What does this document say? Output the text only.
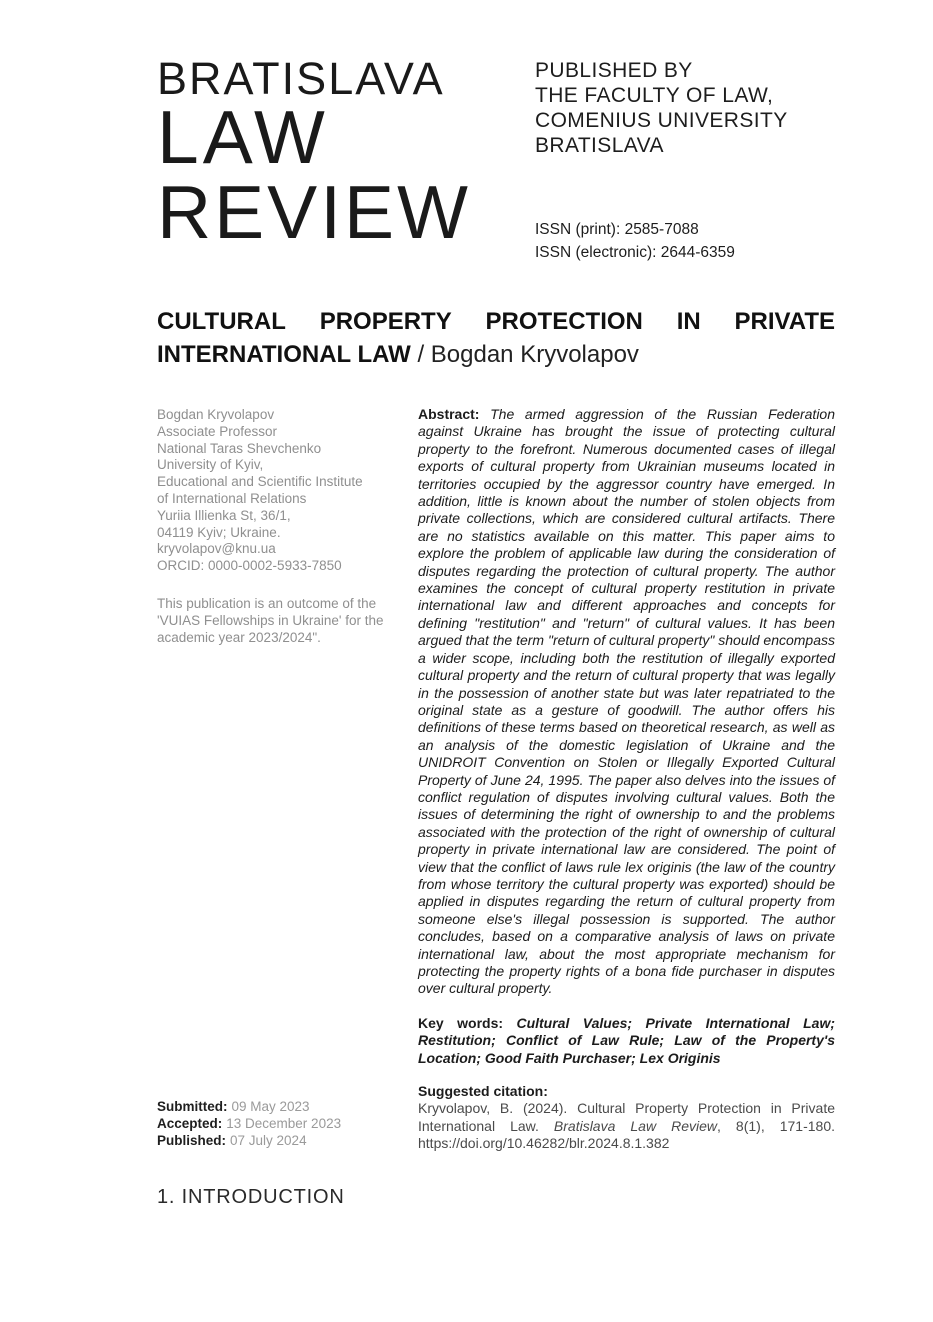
BRATISLAVA
LAW
REVIEW
PUBLISHED BY
THE FACULTY OF LAW,
COMENIUS UNIVERSITY
BRATISLAVA
ISSN (print): 2585-7088
ISSN (electronic): 2644-6359
CULTURAL PROPERTY PROTECTION IN PRIVATE
INTERNATIONAL LAW / Bogdan Kryvolapov
Bogdan Kryvolapov
Associate Professor
National Taras Shevchenko
University of Kyiv,
Educational and Scientific Institute
of International Relations
Yuriia Illienka St, 36/1,
04119 Kyiv; Ukraine.
kryvolapov@knu.ua
ORCID: 0000-0002-5933-7850
This publication is an outcome of the 'VUIAS Fellowships in Ukraine' for the academic year 2023/2024".

Abstract: The armed aggression of the Russian Federation against Ukraine has brought the issue of protecting cultural property to the forefront. Numerous documented cases of illegal exports of cultural property from Ukrainian museums located in territories occupied by the aggressor country have emerged. In addition, little is known about the number of stolen objects from private collections, which are considered cultural artifacts. There are no statistics available on this matter. This paper aims to explore the problem of applicable law during the consideration of disputes regarding the protection of cultural property. The author examines the concept of cultural property restitution in private international law and different approaches and concepts for defining "restitution" and "return" of cultural values. It has been argued that the term "return of cultural property" should encompass a wider scope, including both the restitution of illegally exported cultural property and the return of cultural property that was legally in the possession of another state but was later repatriated to the original state as a gesture of goodwill. The author offers his definitions of these terms based on theoretical research, as well as an analysis of the domestic legislation of Ukraine and the UNIDROIT Convention on Stolen or Illegally Exported Cultural Property of June 24, 1995. The paper also delves into the issues of conflict regulation of disputes involving cultural values. Both the issues of determining the right of ownership to and the problems associated with the protection of the right of ownership of cultural property in private international law are considered. The point of view that the conflict of laws rule lex originis (the law of the country from whose territory the cultural property was exported) should be applied in disputes regarding the return of cultural property from someone else's illegal possession is supported. The author concludes, based on a comparative analysis of laws on private international law, about the most appropriate mechanism for protecting the property rights of a bona fide purchaser in disputes over cultural property.

Key words: Cultural Values; Private International Law; Restitution; Conflict of Law Rule; Law of the Property's Location; Good Faith Purchaser; Lex Originis

Suggested citation:

Kryvolapov, B. (2024). Cultural Property Protection in Private International Law. Bratislava Law Review, 8(1), 171-180. https://doi.org/10.46282/blr.2024.8.1.382

Submitted: 09 May 2023
Accepted: 13 December 2023
Published: 07 July 2024
1. INTRODUCTION
